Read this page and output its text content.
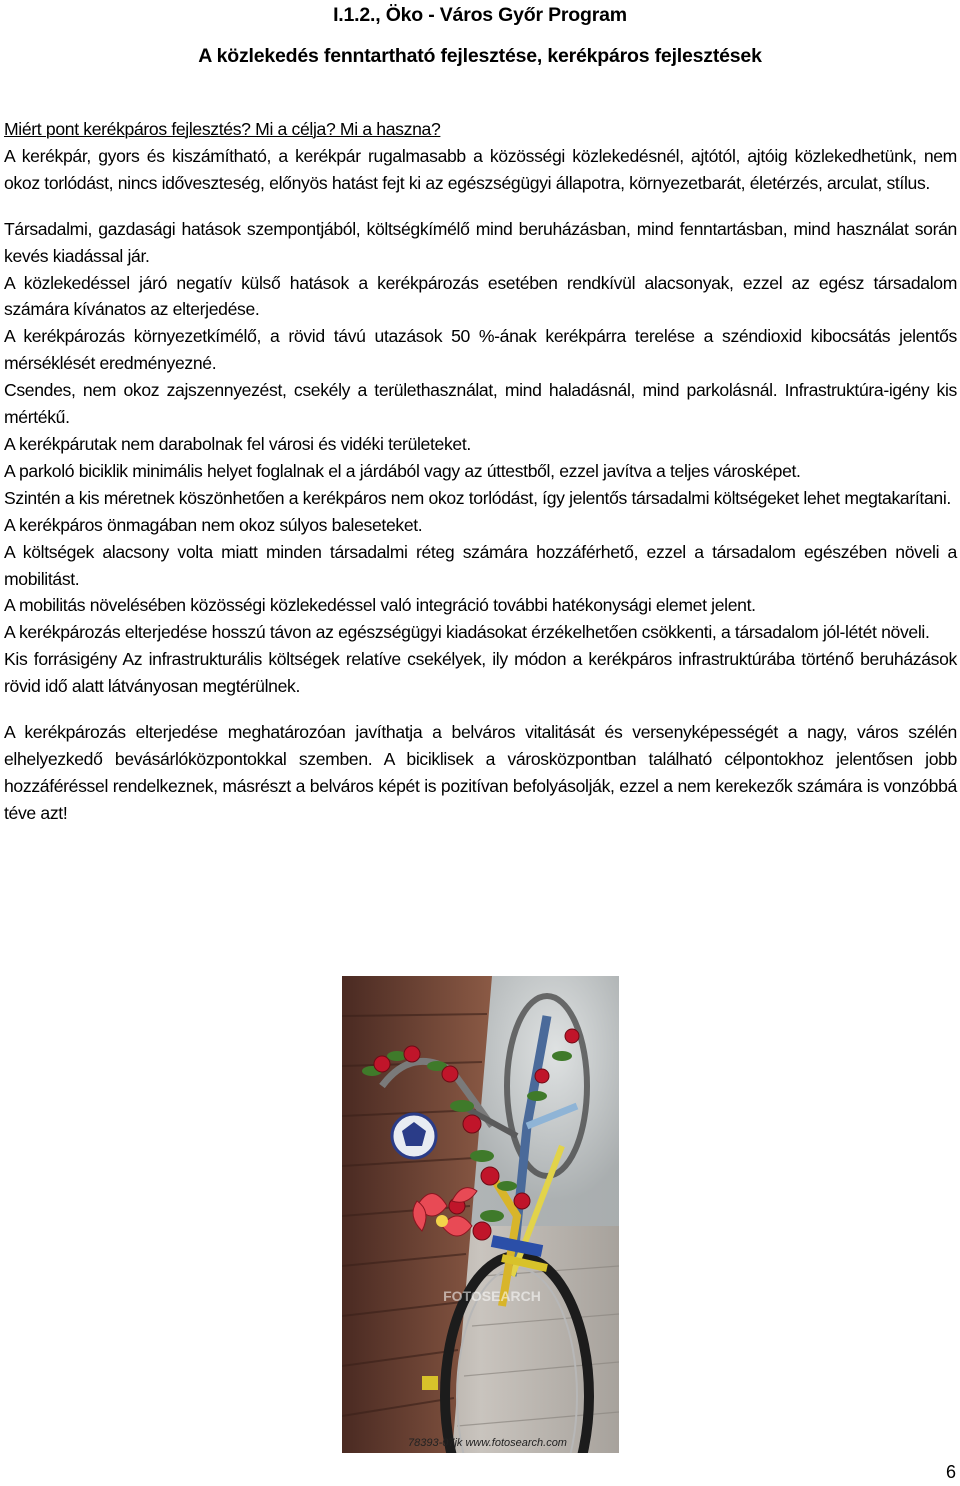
I.1.2., Öko - Város Győr Program
A közlekedés fenntartható fejlesztése, kerékpáros fejlesztések

Miért pont kerékpáros fejlesztés? Mi a célja? Mi a haszna?

A kerékpár, gyors és kiszámítható, a kerékpár rugalmasabb a közösségi közlekedésnél, ajtótól, ajtóig közlekedhetünk, nem okoz torlódást, nincs időveszteség, előnyös hatást fejt ki az egészségügyi állapotra, környezetbarát, életérzés, arculat, stílus.

Társadalmi, gazdasági hatások szempontjából, költségkímélő mind beruházásban, mind fenntartásban, mind használat során kevés kiadással jár.

A közlekedéssel járó negatív külső hatások a kerékpározás esetében rendkívül alacsonyak, ezzel az egész társadalom számára kívánatos az elterjedése.

A kerékpározás környezetkímélő, a rövid távú utazások 50 %-ának kerékpárra terelése a széndioxid kibocsátás jelentős mérséklését eredményezné.

Csendes, nem okoz zajszennyezést, csekély a területhasználat, mind haladásnál, mind parkolásnál. Infrastruktúra-igény kis mértékű.

A kerékpárutak nem darabolnak fel városi és vidéki területeket.

A parkoló biciklik minimális helyet foglalnak el a járdából vagy az úttestből, ezzel javítva a teljes városképet.

Szintén a kis méretnek köszönhetően a kerékpáros nem okoz torlódást, így jelentős társadalmi költségeket lehet megtakarítani.

A kerékpáros önmagában nem okoz súlyos baleseteket.

A költségek alacsony volta miatt minden társadalmi réteg számára hozzáférhető, ezzel a társadalom egészében növeli a mobilitást.

A mobilitás növelésében közösségi közlekedéssel való integráció további hatékonysági elemet jelent.

A kerékpározás elterjedése hosszú távon az egészségügyi kiadásokat érzékelhetően csökkenti, a társadalom jól-létét növeli.

Kis forrásigény Az infrastrukturális költségek relatíve csekélyek, ily módon a kerékpáros infrastruktúrába történő beruházások rövid idő alatt látványosan megtérülnek.

A kerékpározás elterjedése meghatározóan javíthatja a belváros vitalitását és versenyképességét a nagy, város szélén elhelyezkedő bevásárlóközpontokkal szemben. A biciklisek a városközpontban található célpontokhoz jelentősen jobb hozzáféréssel rendelkeznek, másrészt a belváros képét is pozitívan befolyásolják, ezzel a nem kerekezők számára is vonzóbbá téve azt!

FOTOSEARCH
78393-07jk www.fotosearch.com
6
